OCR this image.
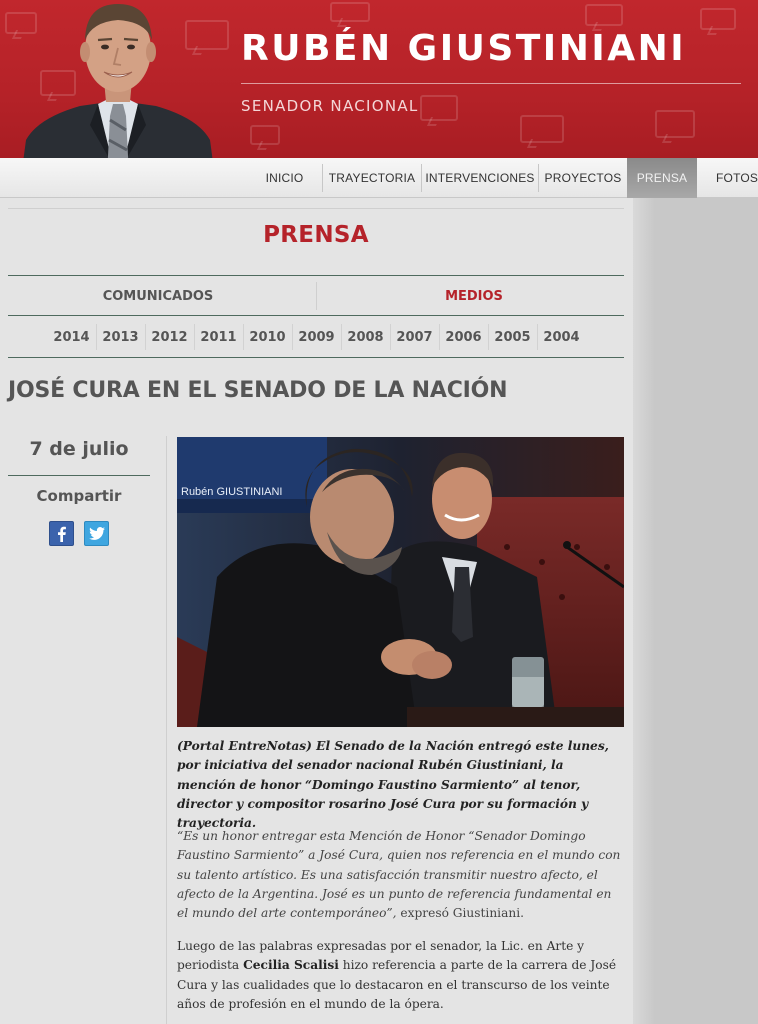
RUBÉN GIUSTINIANI
SENADOR NACIONAL
INICIO	TRAYECTORIA INTERVENCIONES PROYECTOS	PRENSA	FOTOS
PRENSA
COMUNICADOS	MEDIOS
2014 2013 2012 2011 2010 2009 2008 2007 2006 2005 2004
JOSÉ CURA EN EL SENADO DE LA NACIÓN
7 de julio
Compartir	Rubén GIUSTINIANI

(Portal EntreNotas) El Senado de la Nación entregó este lunes, por iniciativa del senador nacional Rubén Giustiniani, la mención de honor “Domingo Faustino Sarmiento” al tenor, director y compositor rosarino José Cura por su formación y trayectoria.

“Es un honor entregar esta Mención de Honor “Senador Domingo Faustino Sarmiento” a José Cura, quien nos referencia en el mundo con su talento artístico. Es una satisfacción transmitir nuestro afecto, el afecto de la Argentina. José es un punto de referencia fundamental en el mundo del arte contemporáneo”, expresó Giustiniani.

Luego de las palabras expresadas por el senador, la Lic. en Arte y periodista Cecilia Scalisi hizo referencia a parte de la carrera de José Cura y las cualidades que lo destacaron en el transcurso de los veinte años de profesión en el mundo de la ópera.
